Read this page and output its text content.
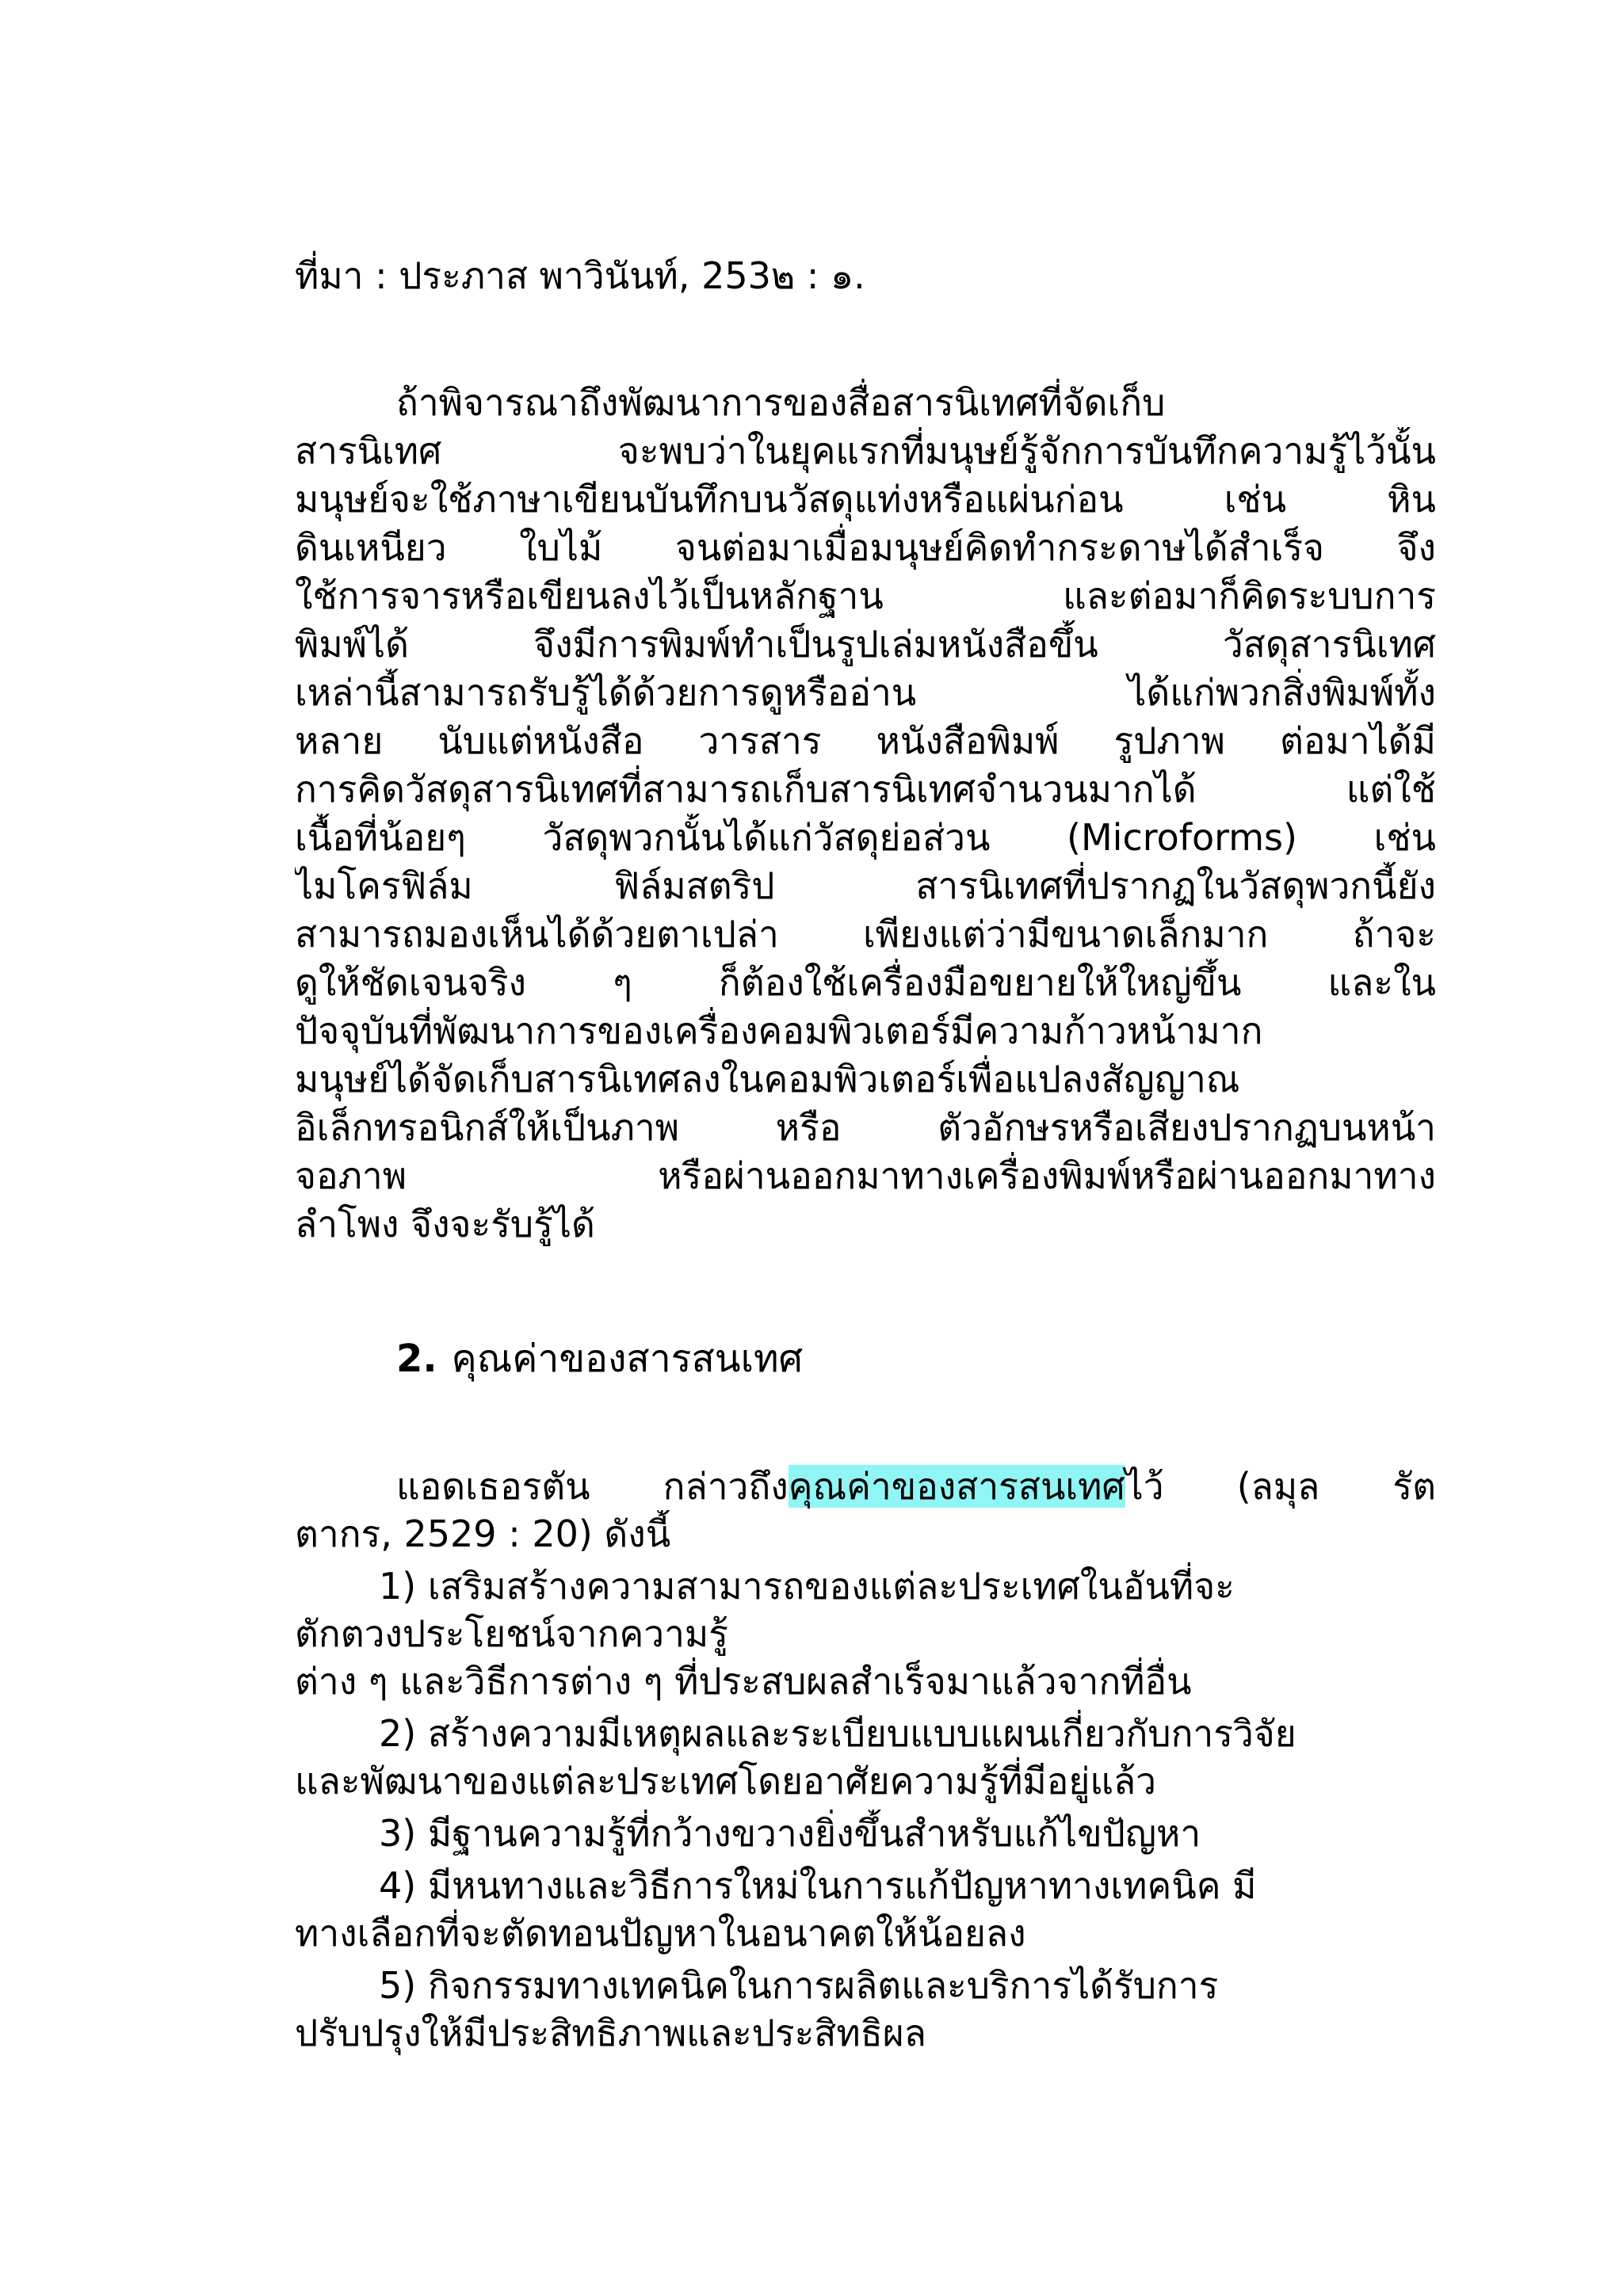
ที่มา : ประภาส พาวินันท์, 253๒ : ๑.

ถ้าพิจารณาถึงพัฒนาการของสื่อสารนิเทศที่จัดเก็บ
สารนิเทศ จะพบว่าในยุคแรกที่มนุษย์รู้จักการบันทึกความรู้ไว้นั้น
มนุษย์จะใช้ภาษาเขียนบันทึกบนวัสดุแท่งหรือแผ่นก่อน เช่น หิน
ดินเหนียว ใบไม้ จนต่อมาเมื่อมนุษย์คิดทำกระดาษได้สำเร็จ จึง
ใช้การจารหรือเขียนลงไว้เป็นหลักฐาน และต่อมาก็คิดระบบการ
พิมพ์ได้ จึงมีการพิมพ์ทำเป็นรูปเล่มหนังสือขึ้น วัสดุสารนิเทศ
เหล่านี้สามารถรับรู้ได้ด้วยการดูหรืออ่าน ได้แก่พวกสิ่งพิมพ์ทั้ง
หลาย นับแต่หนังสือ วารสาร หนังสือพิมพ์ รูปภาพ ต่อมาได้มี
การคิดวัสดุสารนิเทศที่สามารถเก็บสารนิเทศจำนวนมากได้ แต่ใช้
เนื้อที่น้อยๆ วัสดุพวกนั้นได้แก่วัสดุย่อส่วน (Microforms) เช่น
ไมโครฟิล์ม ฟิล์มสตริป สารนิเทศที่ปรากฏในวัสดุพวกนี้ยัง
สามารถมองเห็นได้ด้วยตาเปล่า เพียงแต่ว่ามีขนาดเล็กมาก ถ้าจะ
ดูให้ชัดเจนจริง ๆ ก็ต้องใช้เครื่องมือขยายให้ใหญ่ขึ้น และใน
ปัจจุบันที่พัฒนาการของเครื่องคอมพิวเตอร์มีความก้าวหน้ามาก
มนุษย์ได้จัดเก็บสารนิเทศลงในคอมพิวเตอร์เพื่อแปลงสัญญาณ
อิเล็กทรอนิกส์ให้เป็นภาพ หรือ ตัวอักษรหรือเสียงปรากฏบนหน้า
จอภาพ หรือผ่านออกมาทางเครื่องพิมพ์หรือผ่านออกมาทาง
ลำโพง จึงจะรับรู้ได้
2. คุณค่าของสารสนเทศ
แอดเธอรตัน กล่าวถึงคุณค่าของสารสนเทศไว้ (ลมุล รัต
ตากร, 2529 : 20) ดังนี้
1) เสริมสร้างความสามารถของแต่ละประเทศในอันที่จะ
ตักตวงประโยชน์จากความรู้
ต่าง ๆ และวิธีการต่าง ๆ ที่ประสบผลสำเร็จมาแล้วจากที่อื่น
2) สร้างความมีเหตุผลและระเบียบแบบแผนเกี่ยวกับการวิจัย
และพัฒนาของแต่ละประเทศโดยอาศัยความรู้ที่มีอยู่แล้ว
3) มีฐานความรู้ที่กว้างขวางยิ่งขึ้นสำหรับแก้ไขปัญหา
4) มีหนทางและวิธีการใหม่ในการแก้ปัญหาทางเทคนิค มี
ทางเลือกที่จะตัดทอนปัญหาในอนาคตให้น้อยลง
5) กิจกรรมทางเทคนิคในการผลิตและบริการได้รับการ
ปรับปรุงให้มีประสิทธิภาพและประสิทธิผล
